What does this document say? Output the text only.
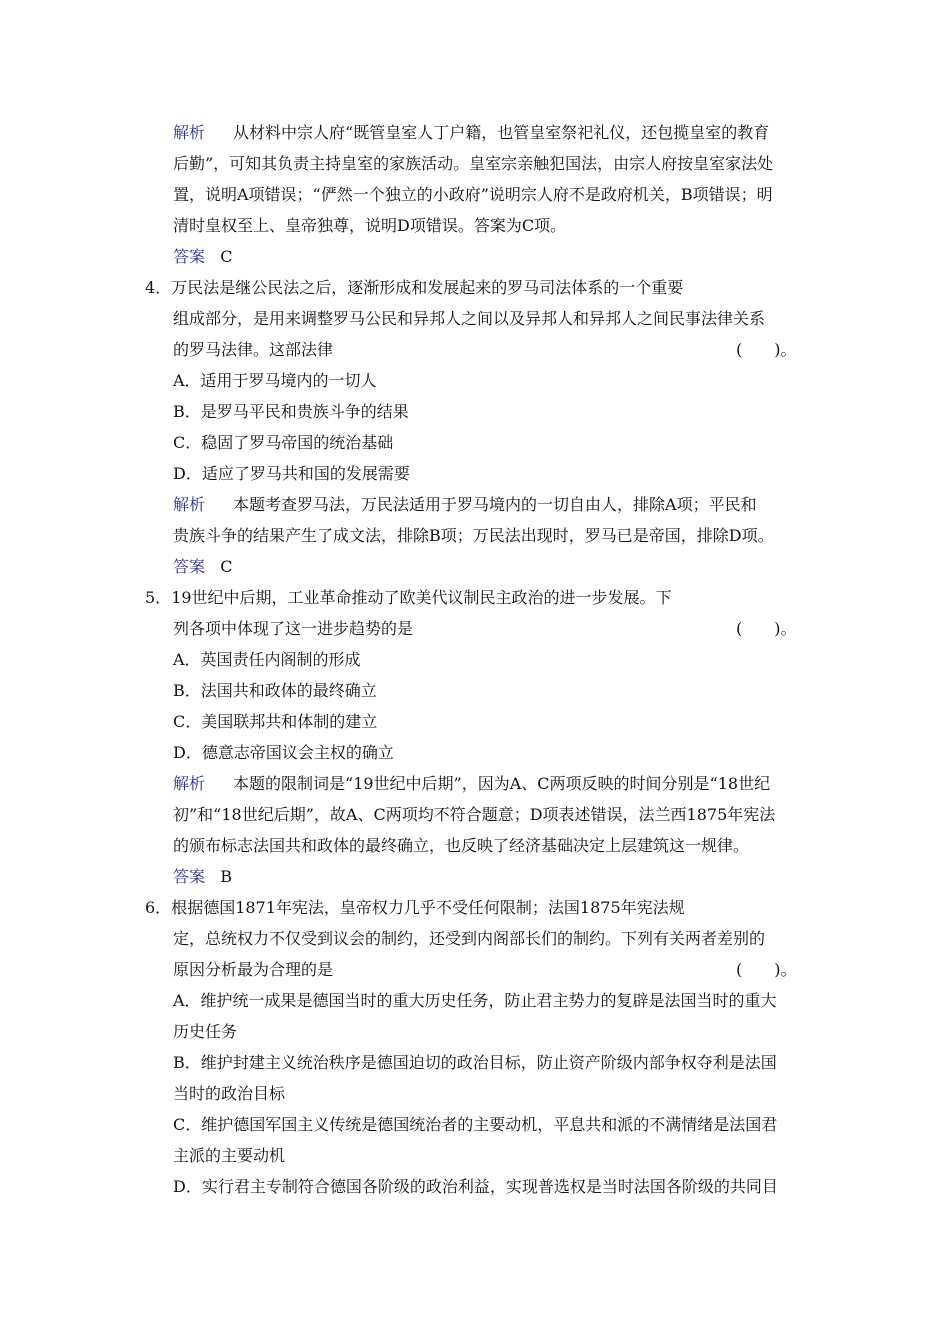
解析 从材料中宗人府“既管皇室人丁户籍，也管皇室祭祀礼仪，还包揽皇室的教育
后勤”，可知其负责主持皇室的家族活动。皇室宗亲触犯国法，由宗人府按皇室家法处
置，说明A项错误；“俨然一个独立的小政府”说明宗人府不是政府机关，B项错误；明
清时皇权至上、皇帝独尊，说明D项错误。答案为C项。
答案 C
4．万民法是继公民法之后，逐渐形成和发展起来的罗马司法体系的一个重要
组成部分，是用来调整罗马公民和异邦人之间以及异邦人和异邦人之间民事法律关系
的罗马法律。这部法律	(　　)。
A．适用于罗马境内的一切人
B．是罗马平民和贵族斗争的结果
C．稳固了罗马帝国的统治基础
D．适应了罗马共和国的发展需要
解析 本题考查罗马法，万民法适用于罗马境内的一切自由人，排除A项；平民和
贵族斗争的结果产生了成文法，排除B项；万民法出现时，罗马已是帝国，排除D项。
答案 C
5．19世纪中后期，工业革命推动了欧美代议制民主政治的进一步发展。下
列各项中体现了这一进步趋势的是	(　　)。
A．英国责任内阁制的形成
B．法国共和政体的最终确立
C．美国联邦共和体制的建立
D．德意志帝国议会主权的确立
解析 本题的限制词是“19世纪中后期”，因为A、C两项反映的时间分别是“18世纪
初”和“18世纪后期”，故A、C两项均不符合题意；D项表述错误，法兰西1875年宪法
的颁布标志法国共和政体的最终确立，也反映了经济基础决定上层建筑这一规律。
答案 B
6．根据德国1871年宪法，皇帝权力几乎不受任何限制；法国1875年宪法规
定，总统权力不仅受到议会的制约，还受到内阁部长们的制约。下列有关两者差别的
原因分析最为合理的是	(　　)。
A．维护统一成果是德国当时的重大历史任务，防止君主势力的复辟是法国当时的重大
历史任务
B．维护封建主义统治秩序是德国迫切的政治目标，防止资产阶级内部争权夺利是法国
当时的政治目标
C．维护德国军国主义传统是德国统治者的主要动机，平息共和派的不满情绪是法国君
主派的主要动机
D．实行君主专制符合德国各阶级的政治利益，实现普选权是当时法国各阶级的共同目
